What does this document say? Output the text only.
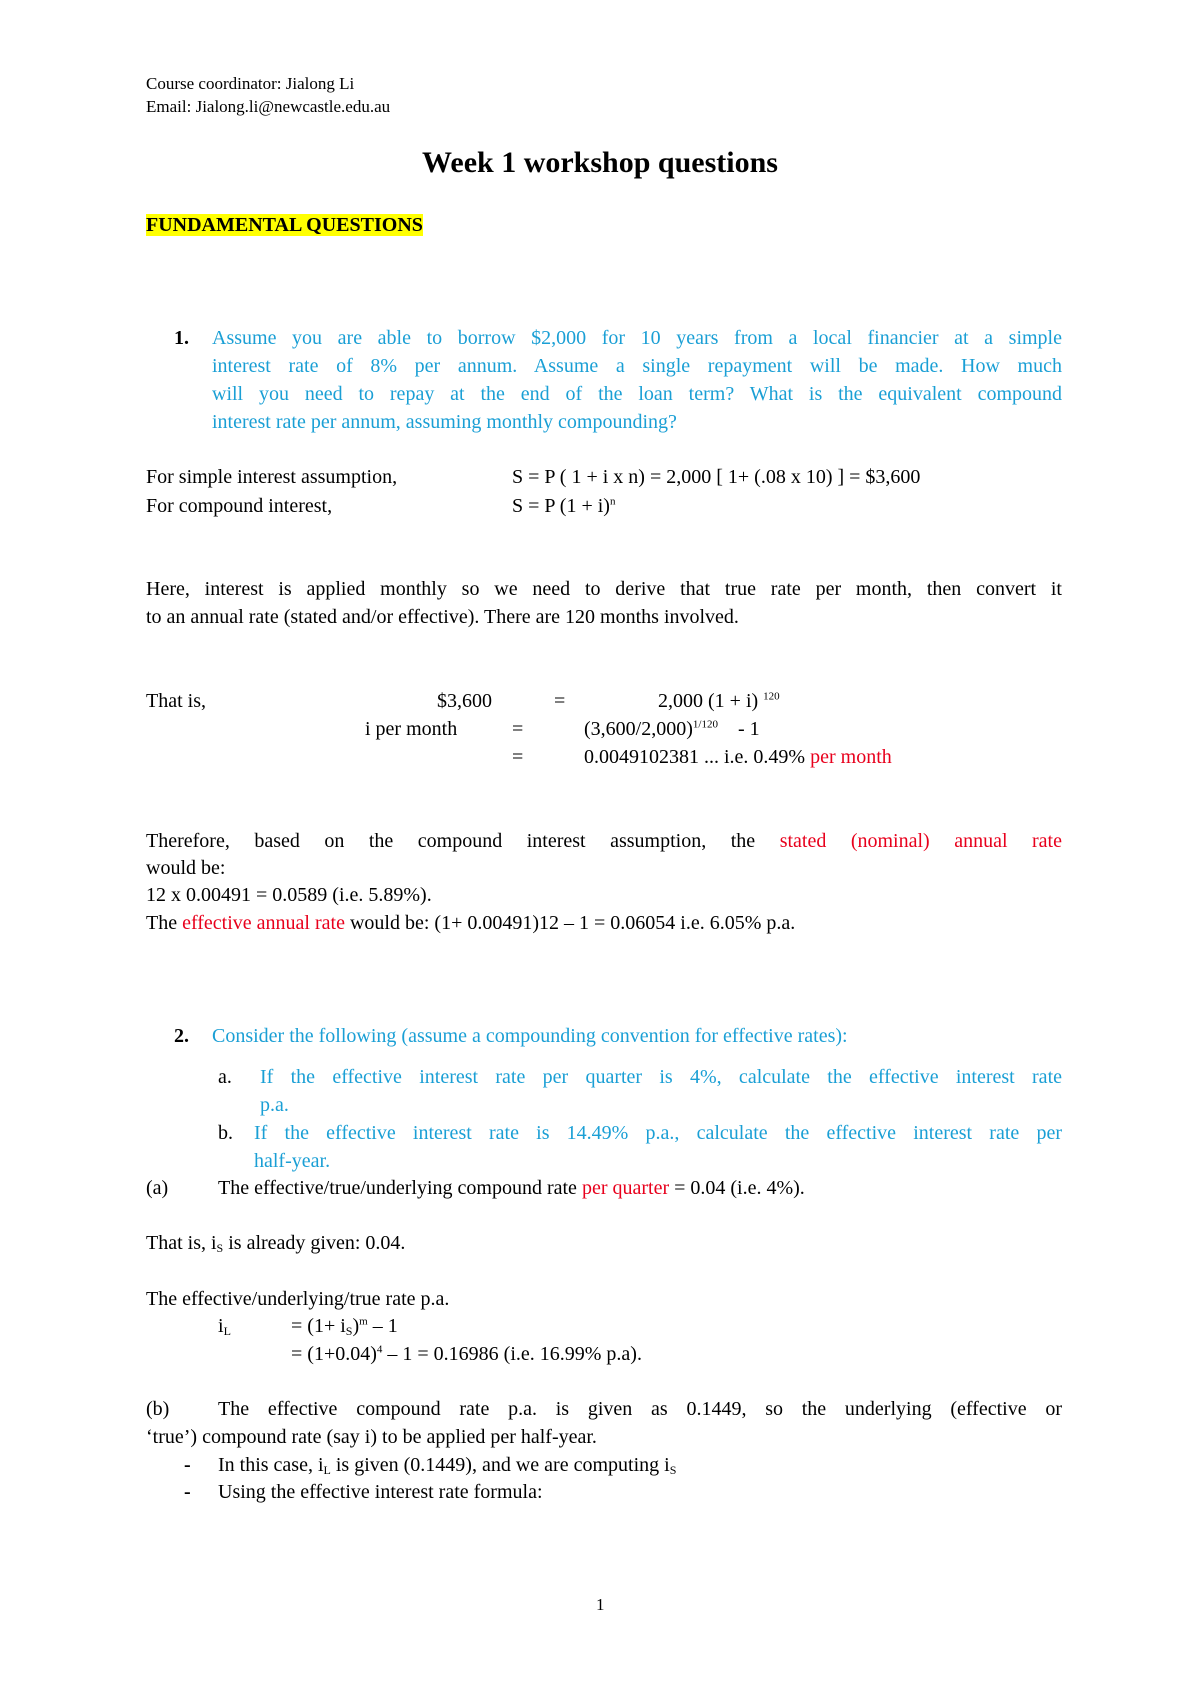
Course coordinator: Jialong Li
Email: Jialong.li@newcastle.edu.au
Week 1 workshop questions
FUNDAMENTAL QUESTIONS
1. Assume you are able to borrow $2,000 for 10 years from a local financier at a simple
interest rate of 8% per annum. Assume a single repayment will be made. How much
will you need to repay at the end of the loan term? What is the equivalent compound
interest rate per annum, assuming monthly compounding?
For simple interest assumption,	S = P ( 1 + i x n) = 2,000 [ 1+ (.08 x 10) ] = $3,600
For compound interest,	S = P $(1 + i)^n$
Here, interest is applied monthly so we need to derive that true rate per month, then convert it
to an annual rate (stated and/or effective). There are 120 months involved.
That is,	$3,600	=	2,000 (1 + i) $^{120}$
i per month	=	$(3,600/2,000)^{1/120} - 1$
=	0.0049102381 ... i.e. 0.49% per month
Therefore, based on the compound interest assumption, the stated (nominal) annual rate
would be:
12 x 0.00491 = 0.0589 (i.e. 5.89%).
The effective annual rate would be: (1+ 0.00491)12 – 1 = 0.06054 i.e. 6.05% p.a.
2. Consider the following (assume a compounding convention for effective rates):
a. If the effective interest rate per quarter is 4%, calculate the effective interest rate
p.a.
b. If the effective interest rate is 14.49% p.a., calculate the effective interest rate per
half-year.
(a) The effective/true/underlying compound rate per quarter = 0.04 (i.e. 4%).
That is, $i_S$ is already given: 0.04.
The effective/underlying/true rate p.a.
$i_L$	= $(1+ i_S)^m - 1$
= $(1+0.04)^4 - 1 = 0.16986$ (i.e. 16.99% p.a).
(b) The effective compound rate p.a. is given as 0.1449, so the underlying (effective or
‘true’) compound rate (say i) to be applied per half-year.
- In this case, $i_L$ is given (0.1449), and we are computing $i_S$
- Using the effective interest rate formula:
1
